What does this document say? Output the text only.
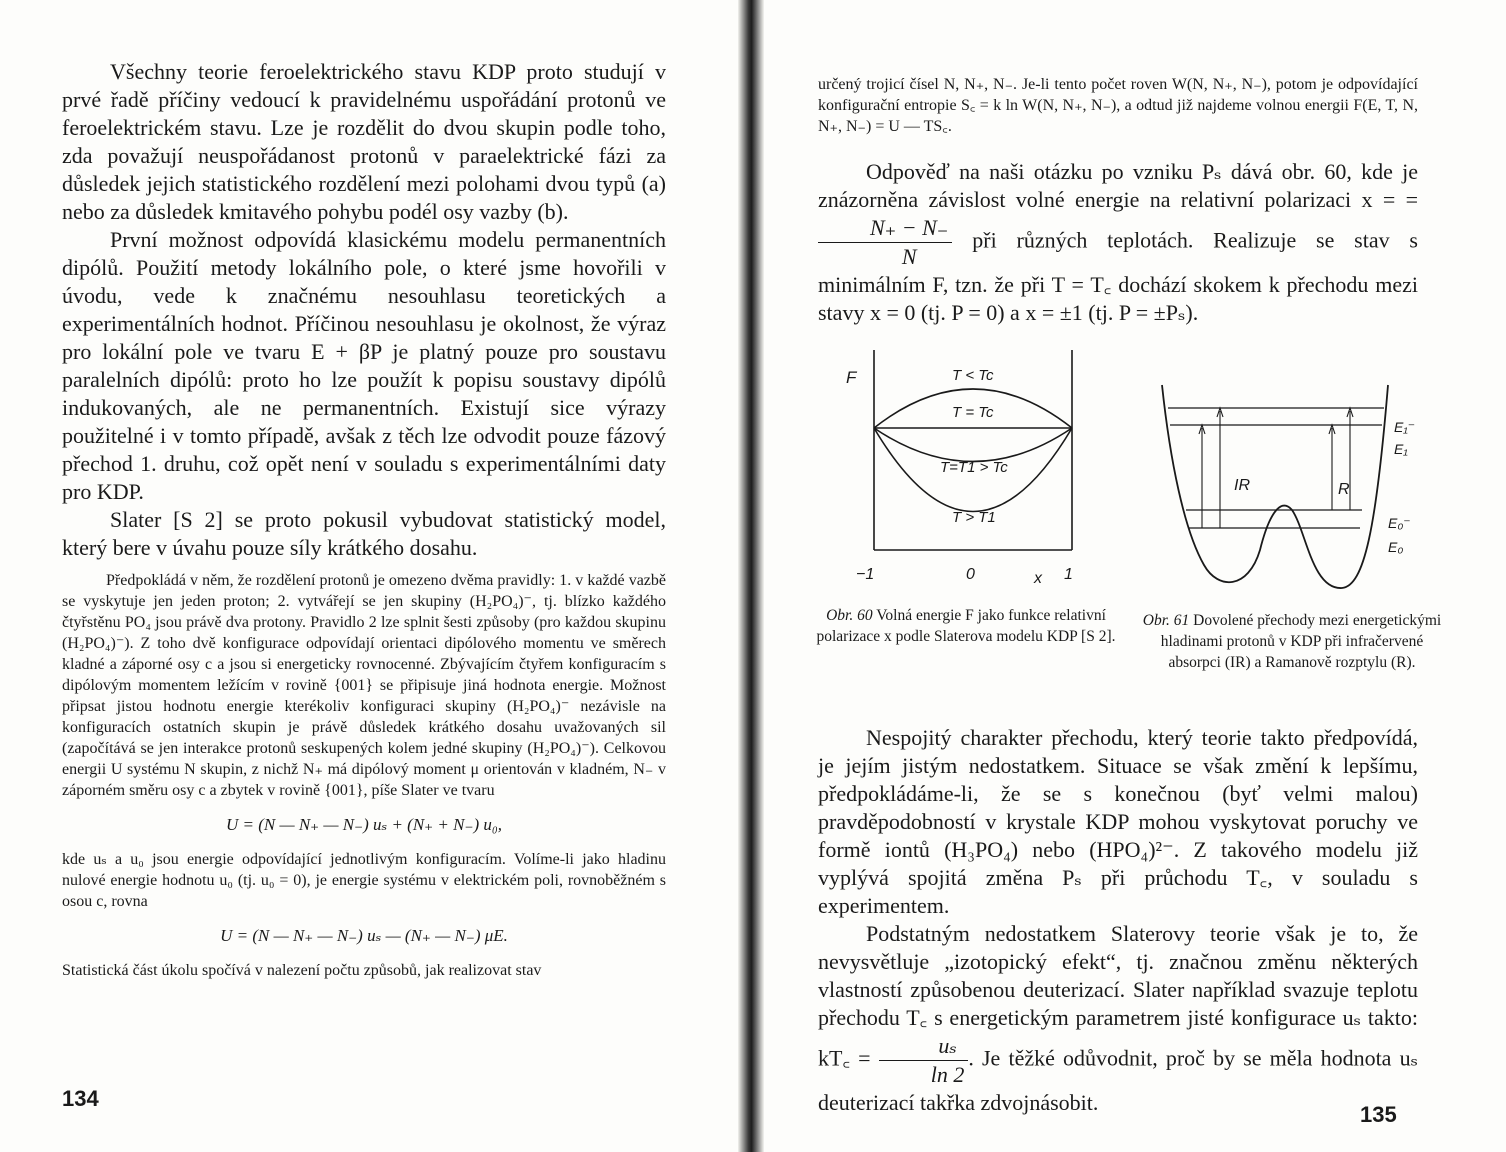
Všechny teorie feroelektrického stavu KDP proto studují v prvé řadě příčiny vedoucí k pravidelnému uspořádání protonů ve feroelektrickém stavu. Lze je rozdělit do dvou skupin podle toho, zda považují neuspořádanost protonů v paraelektrické fázi za důsledek jejich statistického rozdělení mezi polohami dvou typů (a) nebo za důsledek kmitavého pohybu podél osy vazby (b).

První možnost odpovídá klasickému modelu permanentních dipólů. Použití metody lokálního pole, o které jsme hovořili v úvodu, vede k značnému nesouhlasu teoretických a experimentálních hodnot. Příčinou nesouhlasu je okolnost, že výraz pro lokální pole ve tvaru E + βP je platný pouze pro soustavu paralelních dipólů: proto ho lze použít k popisu soustavy dipólů indukovaných, ale ne permanentních. Existují sice výrazy použitelné i v tomto případě, avšak z těch lze odvodit pouze fázový přechod 1. druhu, což opět není v souladu s experimentálními daty pro KDP.

Slater [S 2] se proto pokusil vybudovat statistický model, který bere v úvahu pouze síly krátkého dosahu.

Předpokládá v něm, že rozdělení protonů je omezeno dvěma pravidly: 1. v každé vazbě se vyskytuje jen jeden proton; 2. vytvářejí se jen skupiny (H₂PO₄)⁻, tj. blízko každého čtyřstěnu PO₄ jsou právě dva protony. Pravidlo 2 lze splnit šesti způsoby (pro každou skupinu (H₂PO₄)⁻). Z toho dvě konfigurace odpovídají orientaci dipólového momentu ve směrech kladné a záporné osy c a jsou si energeticky rovnocenné. Zbývajícím čtyřem konfiguracím s dipólovým momentem ležícím v rovině {001} se připisuje jiná hodnota energie. Možnost připsat jistou hodnotu energie kterékoliv konfiguraci skupiny (H₂PO₄)⁻ nezávisle na konfiguracích ostatních skupin je právě důsledek krátkého dosahu uvažovaných sil (započítává se jen interakce protonů seskupených kolem jedné skupiny (H₂PO₄)⁻). Celkovou energii U systému N skupin, z nichž N₊ má dipólový moment μ orientován v kladném, N₋ v záporném směru osy c a zbytek v rovině {001}, píše Slater ve tvaru

U = (N — N₊ — N₋) uₛ + (N₊ + N₋) u₀,

kde uₛ a u₀ jsou energie odpovídající jednotlivým konfiguracím. Volíme-li jako hladinu nulové energie hodnotu u₀ (tj. u₀ = 0), je energie systému v elektrickém poli, rovnoběžném s osou c, rovna

U = (N — N₊ — N₋) uₛ — (N₊ — N₋) μE.

Statistická část úkolu spočívá v nalezení počtu způsobů, jak realizovat stav

134

určený trojicí čísel N, N₊, N₋. Je-li tento počet roven W(N, N₊, N₋), potom je odpovídající konfigurační entropie S꜀ = k ln W(N, N₊, N₋), a odtud již najdeme volnou energii F(E, T, N, N₊, N₋) = U — TS꜀.

Odpověď na naši otázku po vzniku Pₛ dává obr. 60, kde je znázorněna závislost volné energie na relativní polarizaci x = =
$\frac{N_+ - N_-}{N}$ při různých teplotách. Realizuje se stav s minimálním F, tzn. že při T = T꜀ dochází skokem k přechodu mezi stavy x = 0 (tj. P = 0) a x = ±1 (tj. P = ±Pₛ).

F	T < Tc
T = Tc
T=T1 > Tc
T > T1
−1	0	x 1
Obr. 60 Volná energie F jako funkce relativní polarizace x podle Slaterova modelu KDP [S 2].
IR	R
E₁⁻
E₁
E₀⁻
E₀
Obr. 61 Dovolené přechody mezi energetickými hladinami protonů v KDP při infračervené absorpci (IR) a Ramanově rozptylu (R).

Nespojitý charakter přechodu, který teorie takto předpovídá, je jejím jistým nedostatkem. Situace se však změní k lepšímu, předpokládáme-li, že se s konečnou (byť velmi malou) pravděpodobností v krystale KDP mohou vyskytovat poruchy ve formě iontů (H₃PO₄) nebo (HPO₄)²⁻. Z takového modelu již vyplývá spojitá změna Pₛ při průchodu T꜀, v souladu s experimentem.

Podstatným nedostatkem Slaterovy teorie však je to, že nevysvětluje „izotopický efekt“, tj. značnou změnu některých vlastností způsobenou deuterizací. Slater například svazuje teplotu přechodu T꜀ s energetickým parametrem jisté konfigurace uₛ takto: kT꜀ = $\frac{\text{uₛ}}{\ln 2}$ . Je těžké odůvodnit, proč by se měla hodnota uₛ deuterizací takřka zdvojnásobit.	135
